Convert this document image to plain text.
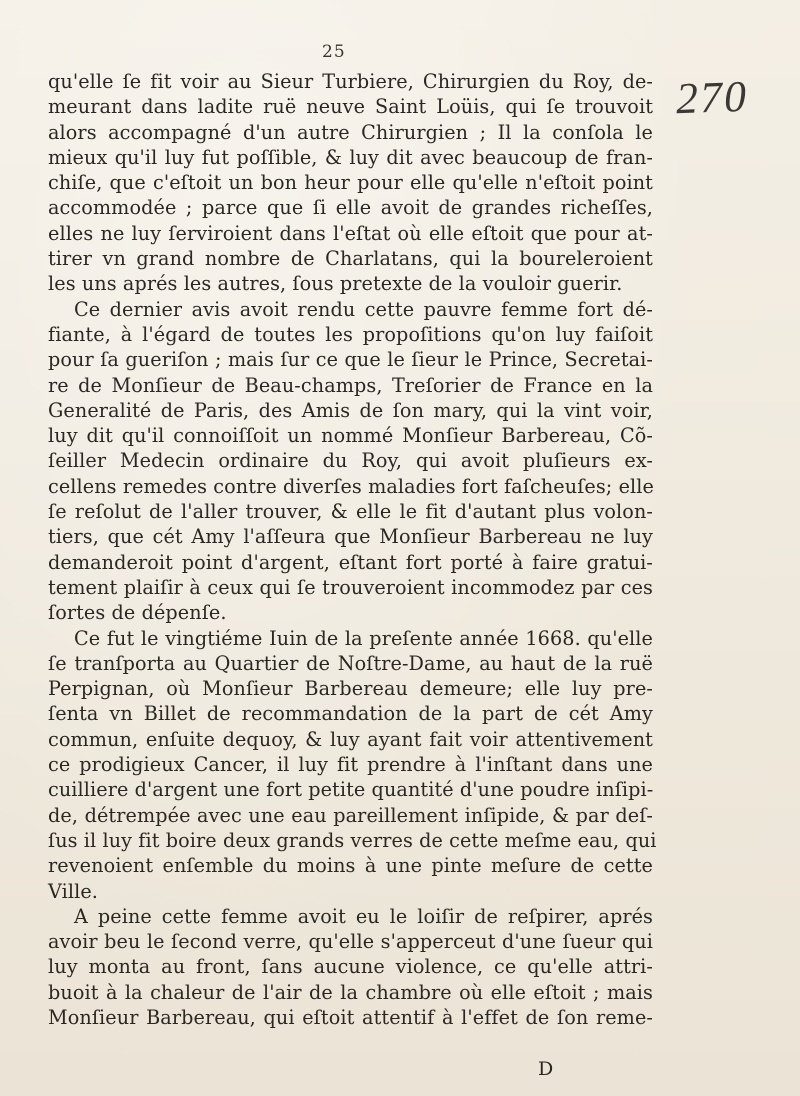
25
270
qu'elle ſe fit voir au Sieur Turbiere, Chirurgien du Roy, de-
meurant dans ladite ruë neuve Saint Loüis, qui ſe trouvoit
alors accompagné d'un autre Chirurgien ; Il la conſola le
mieux qu'il luy fut poſſible, & luy dit avec beaucoup de fran-
chiſe, que c'eſtoit un bon heur pour elle qu'elle n'eſtoit point
accommodée ; parce que ſi elle avoit de grandes richeſſes,
elles ne luy ſerviroient dans l'eſtat où elle eſtoit que pour at-
tirer vn grand nombre de Charlatans, qui la boureleroient
les uns aprés les autres, ſous pretexte de la vouloir guerir.
Ce dernier avis avoit rendu cette pauvre femme fort dé-
fiante, à l'égard de toutes les propoſitions qu'on luy faiſoit
pour ſa gueriſon ; mais ſur ce que le ſieur le Prince, Secretai-
re de Monſieur de Beau-champs, Treſorier de France en la
Generalité de Paris, des Amis de ſon mary, qui la vint voir,
luy dit qu'il connoiſſoit un nommé Monſieur Barbereau, Cõ-
ſeiller Medecin ordinaire du Roy, qui avoit pluſieurs ex-
cellens remedes contre diverſes maladies fort faſcheuſes; elle
ſe reſolut de l'aller trouver, & elle le fit d'autant plus volon-
tiers, que cét Amy l'aſſeura que Monſieur Barbereau ne luy
demanderoit point d'argent, eſtant fort porté à faire gratui-
tement plaiſir à ceux qui ſe trouveroient incommodez par ces
ſortes de dépenſe.
Ce fut le vingtiéme Iuin de la preſente année 1668. qu'elle
ſe tranſporta au Quartier de Noſtre-Dame, au haut de la ruë
Perpignan, où Monſieur Barbereau demeure; elle luy pre-
ſenta vn Billet de recommandation de la part de cét Amy
commun, enſuite dequoy, & luy ayant fait voir attentivement
ce prodigieux Cancer, il luy fit prendre à l'inſtant dans une
cuilliere d'argent une fort petite quantité d'une poudre inſipi-
de, détrempée avec une eau pareillement inſipide, & par deſ-
ſus il luy fit boire deux grands verres de cette meſme eau, qui
revenoient enſemble du moins à une pinte meſure de cette
Ville.
A peine cette femme avoit eu le loiſir de reſpirer, aprés
avoir beu le ſecond verre, qu'elle s'apperceut d'une ſueur qui
luy monta au front, ſans aucune violence, ce qu'elle attri-
buoit à la chaleur de l'air de la chambre où elle eſtoit ; mais
Monſieur Barbereau, qui eſtoit attentif à l'effet de ſon reme-
D
